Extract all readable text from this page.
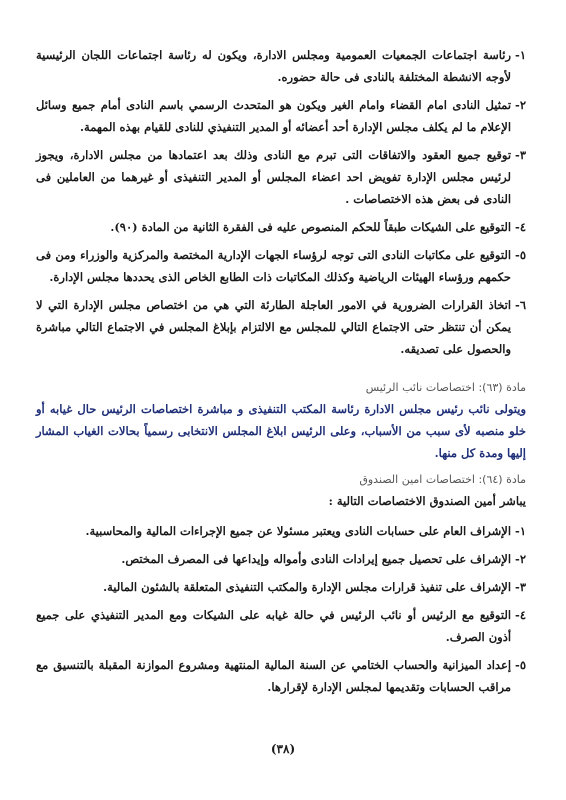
١-
رئاسة اجتماعات الجمعيات العمومية ومجلس الادارة، ويكون له رئاسة اجتماعات اللجان الرئيسية لأوجه الانشطة المختلفة بالنادى فى حالة حضوره.
٢-
تمثيل النادى امام القضاء وامام الغير ويكون هو المتحدث الرسمي باسم النادى أمام جميع وسائل الإعلام ما لم يكلف مجلس الإدارة أحد أعضائه أو المدير التنفيذي للنادى للقيام بهذه المهمة.
٣-
توقيع جميع العقود والاتفاقات التى تبرم مع النادى وذلك بعد اعتمادها من مجلس الادارة، ويجوز لرئيس مجلس الإدارة تفويض احد اعضاء المجلس أو المدير التنفيذى أو غيرهما من العاملين فى النادى فى بعض هذه الاختصاصات .
٤-
التوقيع على الشيكات طبقاً للحكم المنصوص عليه فى الفقرة الثانية من المادة (٩٠).
٥-
التوقيع على مكاتبات النادى التى توجه لرؤساء الجهات الإدارية المختصة والمركزية والوزراء ومن فى حكمهم ورؤساء الهيئات الرياضية وكذلك المكاتبات ذات الطابع الخاص الذى يحددها مجلس الإدارة.
٦-
اتخاذ القرارات الضرورية في الامور العاجلة الطارئة التي هي من اختصاص مجلس الإدارة التي لا يمكن أن تنتظر حتى الاجتماع التالي للمجلس مع الالتزام بإبلاغ المجلس في الاجتماع التالي مباشرة والحصول على تصديقه.

مادة (٦٣): اختصاصات نائب الرئيس

ويتولى نائب رئيس مجلس الادارة رئاسة المكتب التنفيذى و مباشرة اختصاصات الرئيس حال غيابه أو خلو منصبه لأى سبب من الأسباب، وعلى الرئيس ابلاغ المجلس الانتخابى رسمياً بحالات الغياب المشار إليها ومدة كل منها.

مادة (٦٤): اختصاصات امين الصندوق

يباشر أمين الصندوق الاختصاصات التالية :

١-
الإشراف العام على حسابات النادى ويعتبر مسئولا عن جميع الإجراءات المالية والمحاسبية.
٢-
الإشراف على تحصيل جميع إيرادات النادى وأمواله وإيداعها فى المصرف المختص.
٣-
الإشراف على تنفيذ قرارات مجلس الإدارة والمكتب التنفيذى المتعلقة بالشئون المالية.
٤-
التوقيع مع الرئيس أو نائب الرئيس في حالة غيابه على الشيكات ومع المدير التنفيذي على جميع أذون الصرف.
٥-
إعداد الميزانية والحساب الختامي عن السنة المالية المنتهية ومشروع الموازنة المقبلة بالتنسيق مع مراقب الحسابات وتقديمها لمجلس الإدارة لإقرارها.
(٣٨)
